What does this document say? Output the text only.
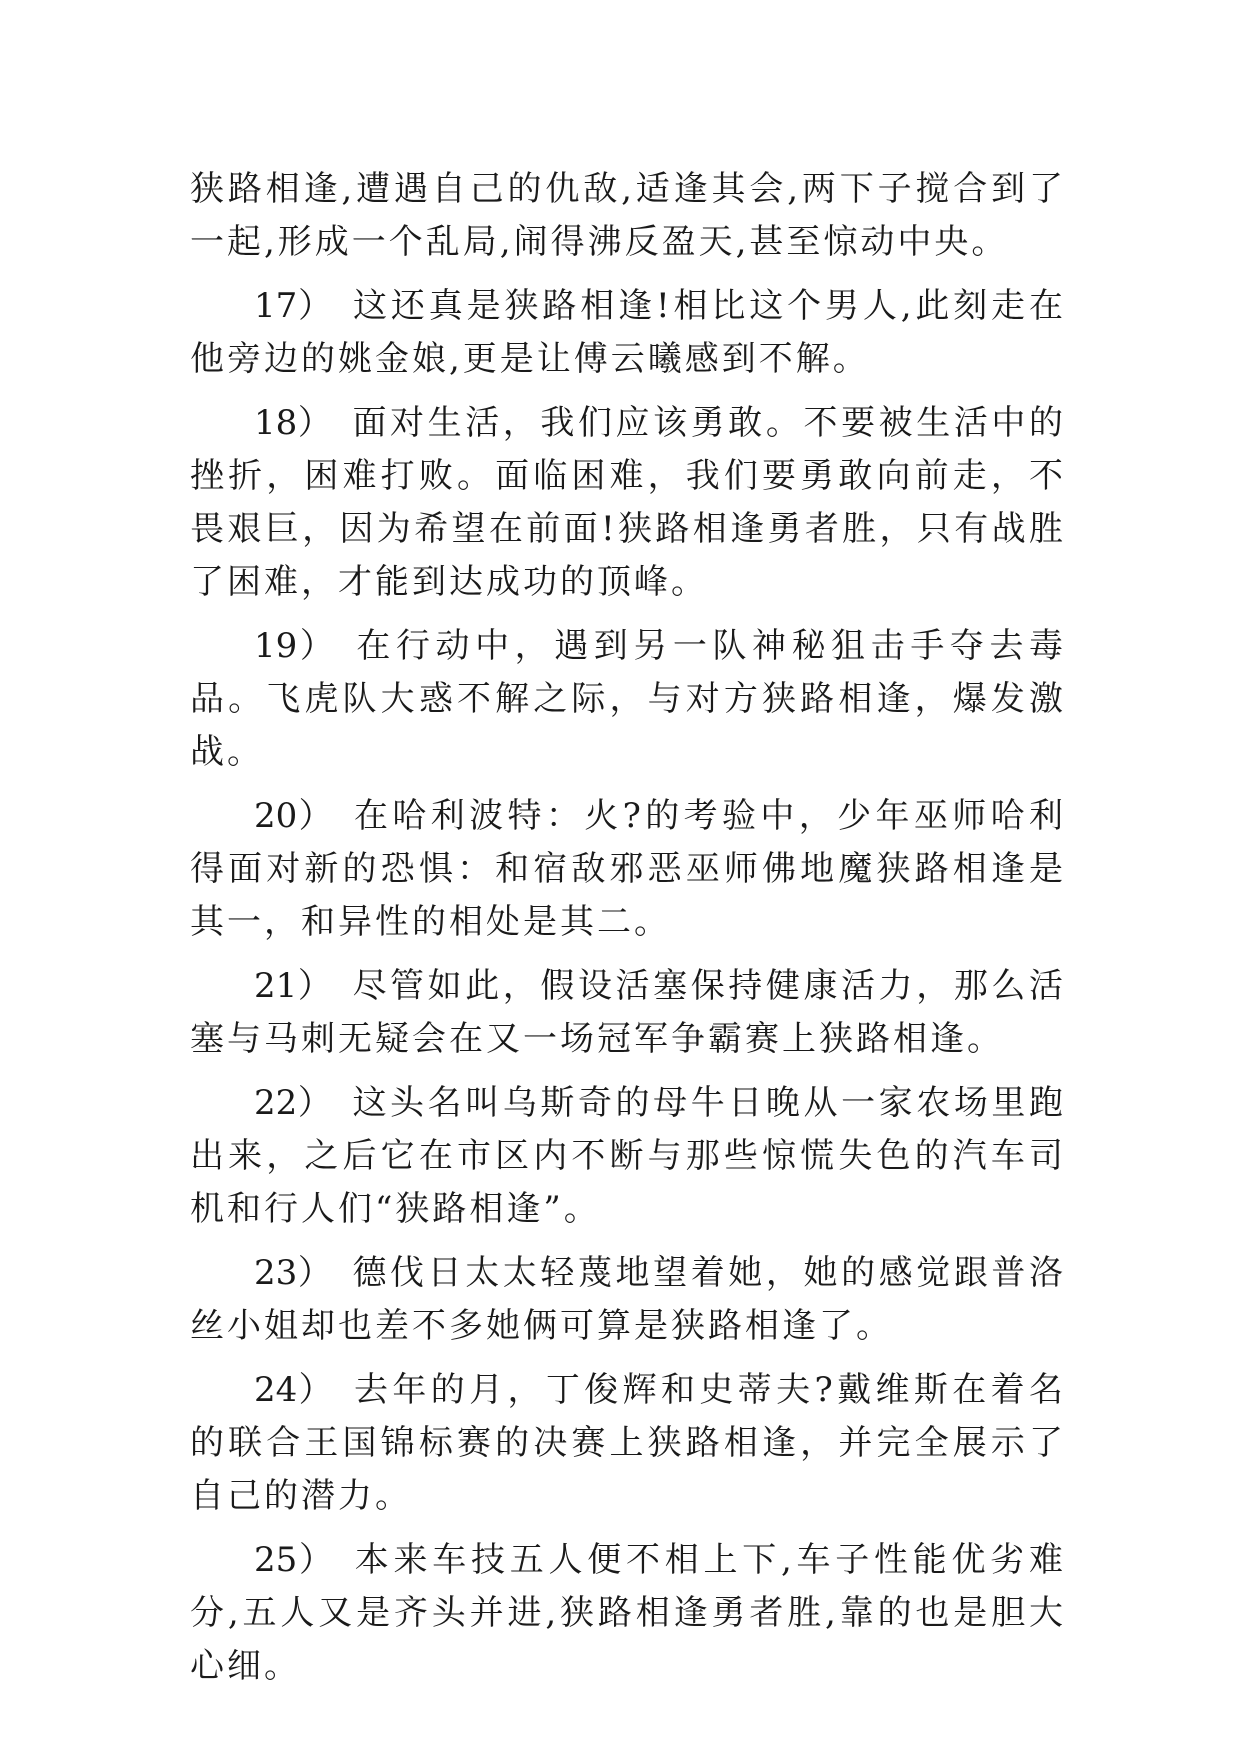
狭路相逢,遭遇自己的仇敌,适逢其会,两下子搅合到了一起,形成一个乱局,闹得沸反盈天,甚至惊动中央。

17） 这还真是狭路相逢!相比这个男人,此刻走在他旁边的姚金娘,更是让傅云曦感到不解。

18） 面对生活，我们应该勇敢。不要被生活中的挫折，困难打败。面临困难，我们要勇敢向前走，不畏艰巨，因为希望在前面!狭路相逢勇者胜，只有战胜了困难，才能到达成功的顶峰。

19） 在行动中，遇到另一队神秘狙击手夺去毒品。飞虎队大惑不解之际，与对方狭路相逢，爆发激战。

20） 在哈利波特：火?的考验中，少年巫师哈利得面对新的恐惧：和宿敌邪恶巫师佛地魔狭路相逢是其一，和异性的相处是其二。

21） 尽管如此，假设活塞保持健康活力，那么活塞与马刺无疑会在又一场冠军争霸赛上狭路相逢。

22） 这头名叫乌斯奇的母牛日晚从一家农场里跑出来，之后它在市区内不断与那些惊慌失色的汽车司机和行人们“狭路相逢”。

23） 德伐日太太轻蔑地望着她，她的感觉跟普洛丝小姐却也差不多她俩可算是狭路相逢了。

24） 去年的月，丁俊辉和史蒂夫?戴维斯在着名的联合王国锦标赛的决赛上狭路相逢，并完全展示了自己的潜力。

25） 本来车技五人便不相上下,车子性能优劣难分,五人又是齐头并进,狭路相逢勇者胜,靠的也是胆大心细。
